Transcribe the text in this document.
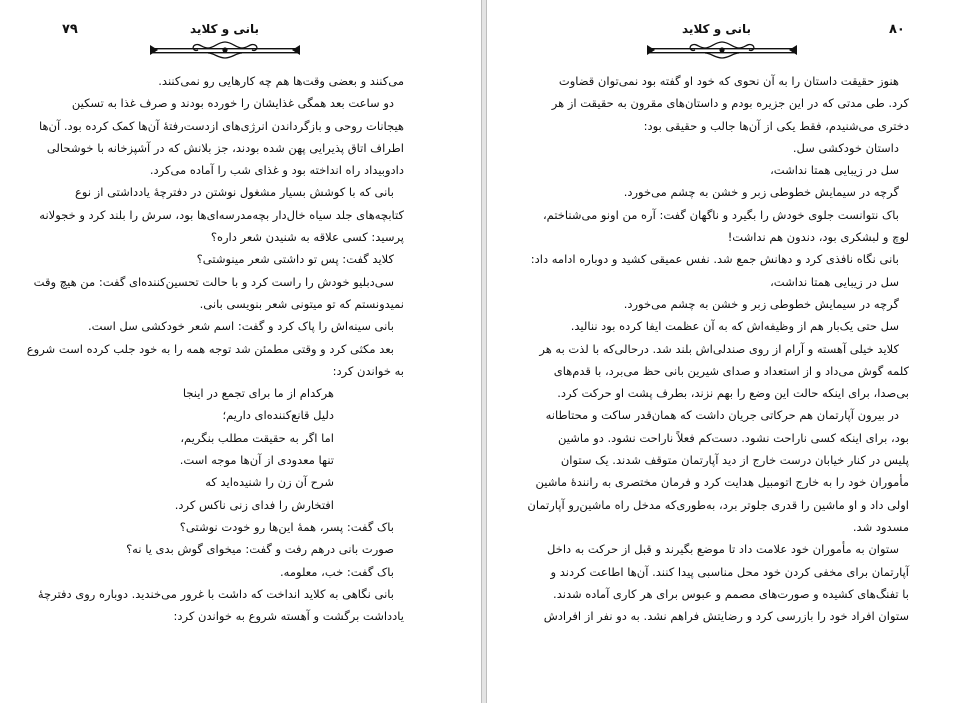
۷۹	بانی و کلاید
می‌کنند و بعضی وقت‌ها هم چه کارهایی رو نمی‌کنند.
دو ساعت بعد همگی غذایشان را خورده بودند و صرف غذا به تسکین
هیجانات روحی و بازگرداندن انرژی‌های ازدست‌رفتهٔ آن‌ها کمک کرده بود. آن‌ها
اطراف اتاق پذیرایی پهن شده بودند، جز بلانش که در آشپزخانه با خوشحالی
دادوبیداد راه انداخته بود و غذای شب را آماده می‌کرد.
بانی که با کوشش بسیار مشغول نوشتن در دفترچهٔ یادداشتی از نوع
کتابچه‌های جلد سیاه خال‌دار بچه‌مدرسه‌ای‌ها بود، سرش را بلند کرد و خجولانه
پرسید: کسی علاقه به شنیدن شعر داره؟
کلاید گفت: پس تو داشتی شعر مینوشتی؟
سی‌دبلیو خودش را راست کرد و با حالت تحسین‌کننده‌ای گفت: من هیچ وقت
نمیدونستم که تو میتونی شعر بنویسی بانی.
بانی سینه‌اش را پاک کرد و گفت: اسم شعر خودکشی سل است.
بعد مکثی کرد و وقتی مطمئن شد توجه همه را به خود جلب کرده است شروع
به خواندن کرد:
هرکدام از ما برای تجمع در اینجا
دلیل قانع‌کننده‌ای داریم؛
اما اگر به حقیقت مطلب بنگریم،
تنها معدودی از آن‌ها موجه است.
شرح آن زن را شنیده‌اید که
افتخارش را فدای زنی ناکس کرد.
باک گفت: پسر، همهٔ این‌ها رو خودت نوشتی؟
صورت بانی درهم رفت و گفت: میخوای گوش بدی یا نه؟
باک گفت: خب، معلومه.
بانی نگاهی به کلاید انداخت که داشت با غرور می‌خندید. دوباره روی دفترچهٔ
یادداشت برگشت و آهسته شروع به خواندن کرد:
۸۰
بانی و کلاید
هنوز حقیقت داستان را به آن نحوی که خود او گفته بود نمی‌توان قضاوت
کرد. طی مدتی که در این جزیره بودم و داستان‌های مقرون به حقیقت از هر
دختری می‌شنیدم، فقط یکی از آن‌ها جالب و حقیقی بود:
داستان خودکشی سل.
سل در زیبایی همتا نداشت،
گرچه در سیمایش خطوطی زبر و خشن به چشم می‌خورد.
باک نتوانست جلوی خودش را بگیرد و ناگهان گفت: آره من اونو می‌شناختم،
لوچ و لبشکری بود، دندون هم نداشت!
بانی نگاه نافذی کرد و دهانش جمع شد. نفس عمیقی کشید و دوباره ادامه داد:
سل در زیبایی همتا نداشت،
گرچه در سیمایش خطوطی زبر و خشن به چشم می‌خورد.
سل حتی یک‌بار هم از وظیفه‌اش که به آن عظمت ایفا کرده بود ننالید.
کلاید خیلی آهسته و آرام از روی صندلی‌اش بلند شد. درحالی‌که با لذت به هر
کلمه گوش می‌داد و از استعداد و صدای شیرین بانی حظ می‌برد، با قدم‌های
بی‌صدا، برای اینکه حالت این وضع را بهم نزند، بطرف پشت او حرکت کرد.
در بیرون آپارتمان هم حرکاتی جریان داشت که همان‌قدر ساکت و محتاطانه
بود، برای اینکه کسی ناراحت نشود. دست‌کم فعلاً ناراحت نشود. دو ماشین
پلیس در کنار خیابان درست خارج از دید آپارتمان متوقف شدند. یک ستوان
مأموران خود را به خارج اتومبیل هدایت کرد و فرمان مختصری به رانندهٔ ماشین
اولی داد و او ماشین را قدری جلوتر برد، به‌طوری‌که مدخل راه ماشین‌رو آپارتمان
مسدود شد.
ستوان به مأموران خود علامت داد تا موضع بگیرند و قبل از حرکت به داخل
آپارتمان برای مخفی کردن خود محل مناسبی پیدا کنند. آن‌ها اطاعت کردند و
با تفنگ‌های کشیده و صورت‌های مصمم و عبوس برای هر کاری آماده شدند.
ستوان افراد خود را بازرسی کرد و رضایتش فراهم نشد. به دو نفر از افرادش
